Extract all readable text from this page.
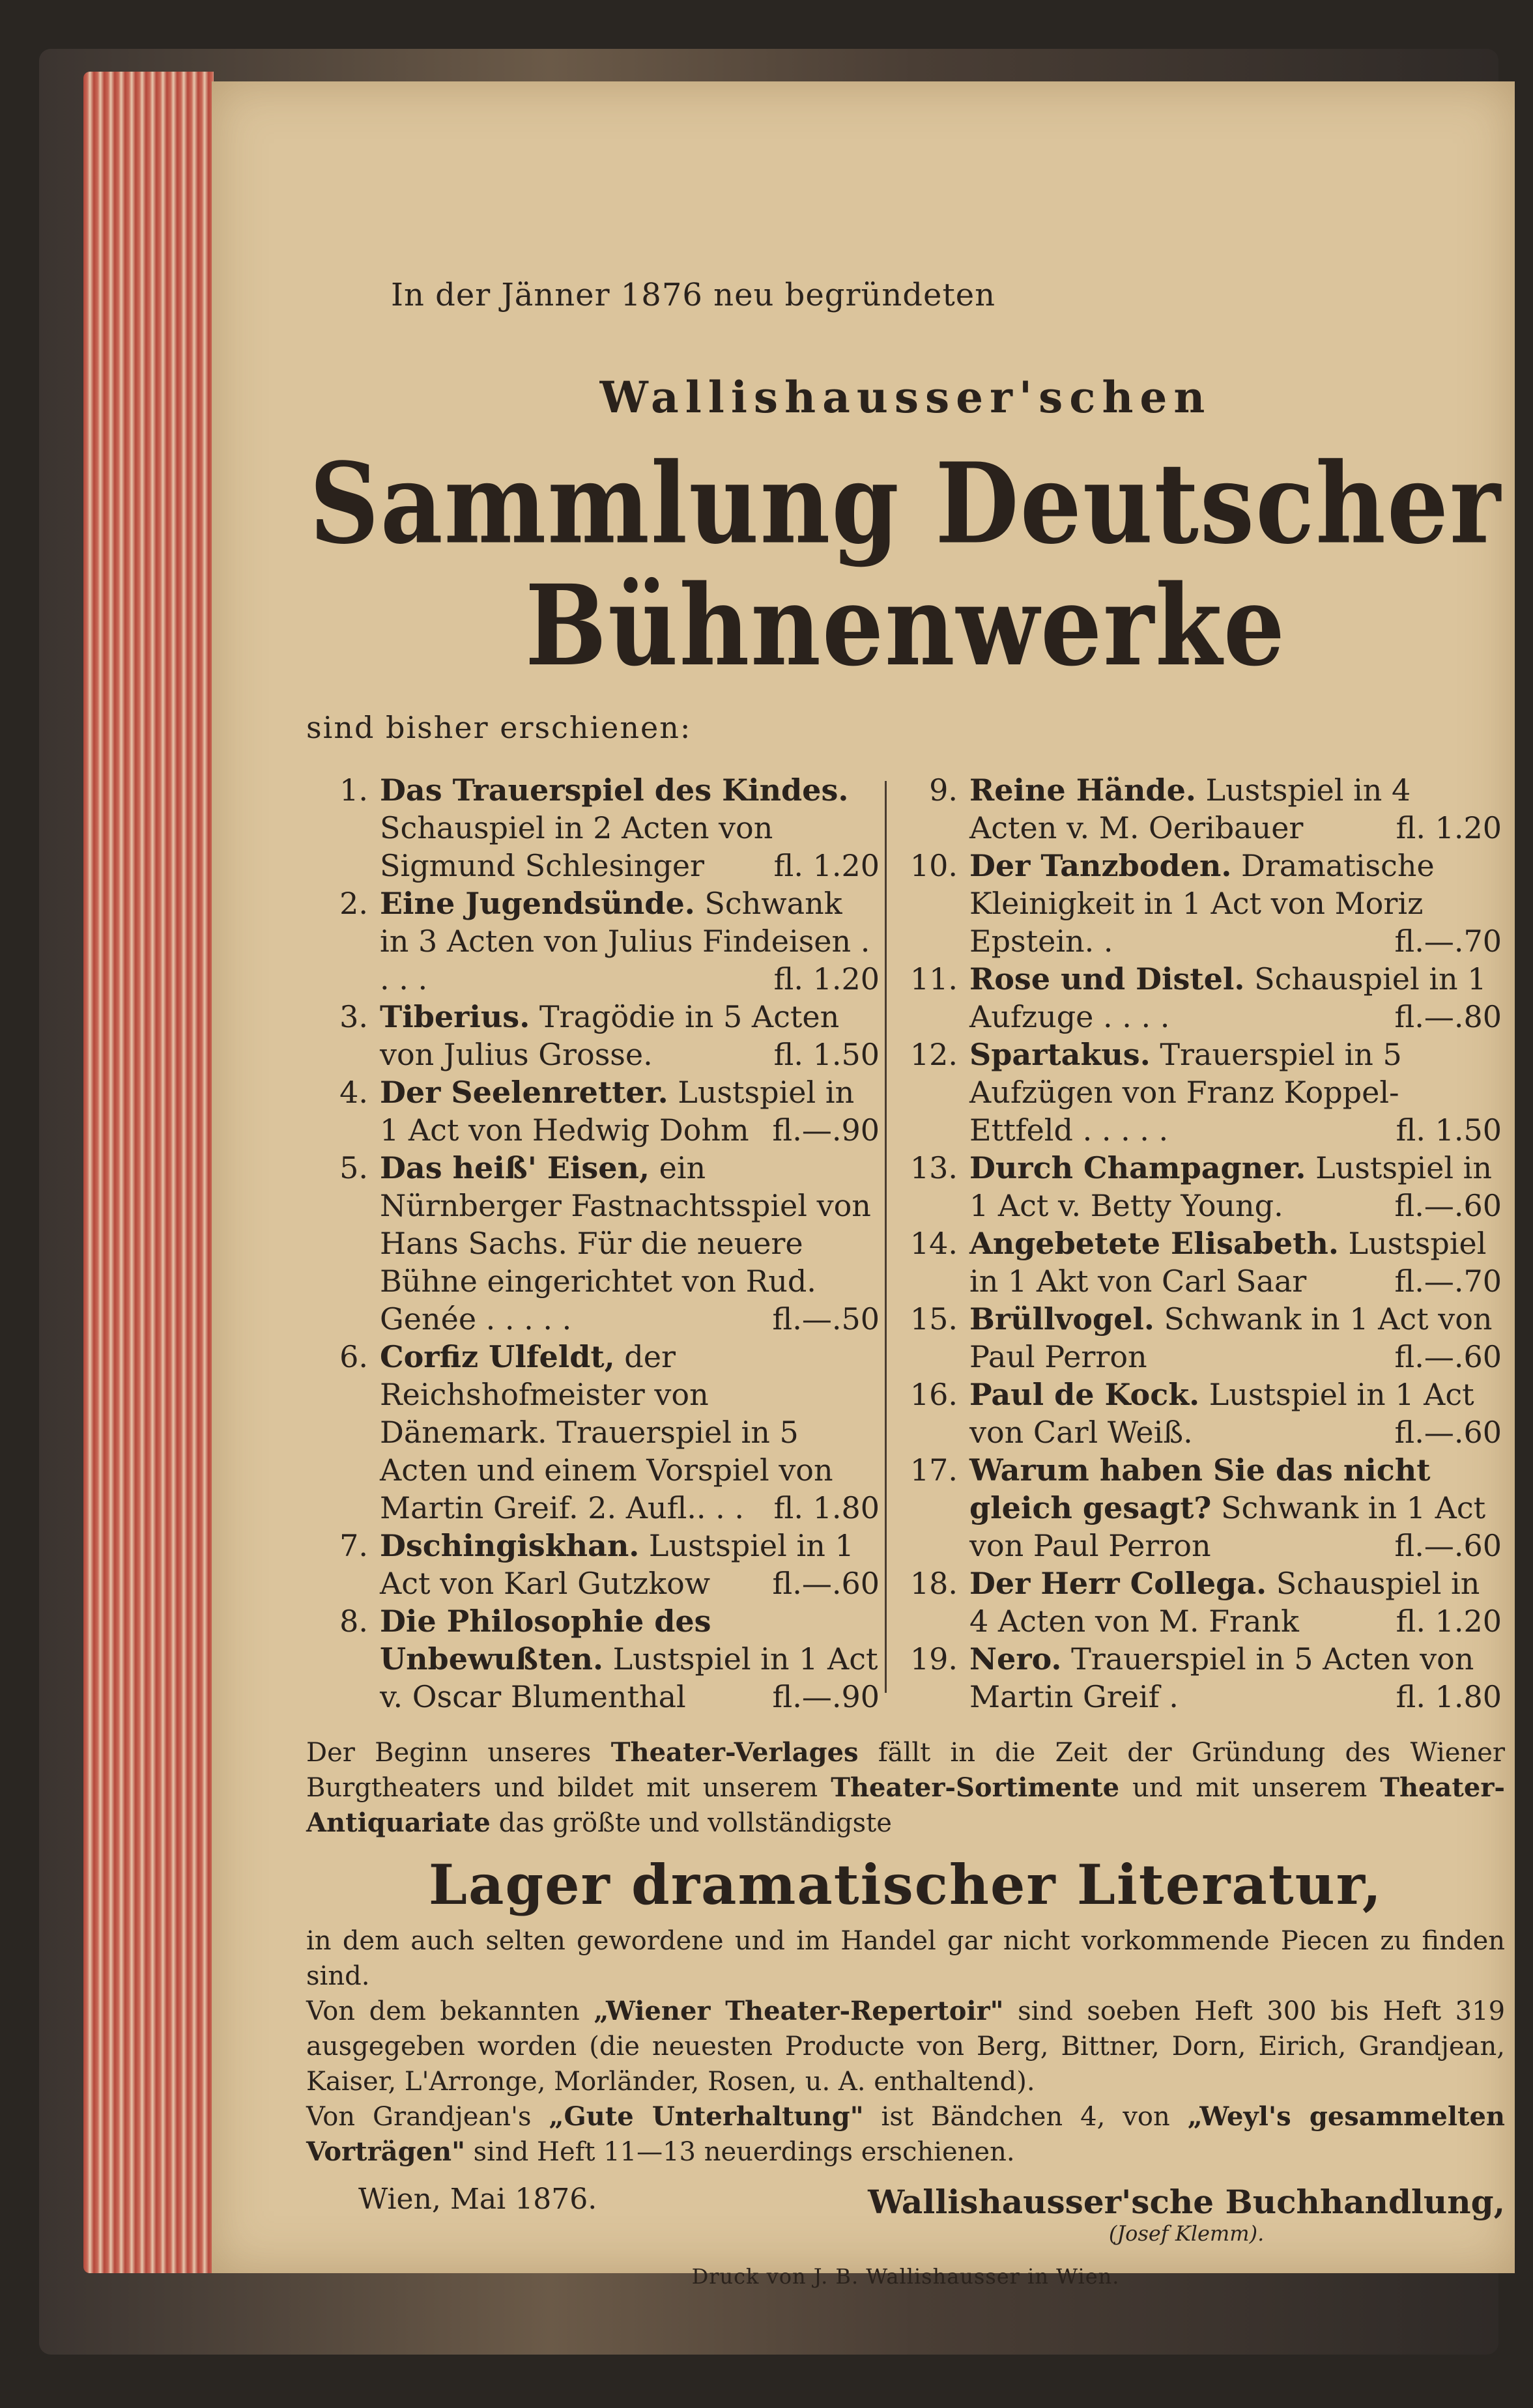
In der Jänner 1876 neu begründeten
Wallishausser'schen
Sammlung Deutscher Bühnenwerke
sind bisher erschienen:
1. Das Trauerspiel des Kindes. Schauspiel in 2 Acten von Sigmund Schlesinger fl. 1.20

2. Eine Jugendsünde. Schwank in 3 Acten von Julius Findeisen . . . .	fl. 1.20

3. Tiberius. Tragödie in 5 Acten von Julius Grosse.	fl. 1.50

4. Der Seelenretter. Lustspiel in 1 Act von Hedwig Dohm fl.—.90

5. Das heiß' Eisen, ein Nürnberger Fastnachtsspiel von Hans Sachs. Für die neuere Bühne eingerichtet von Rud. Genée . . . . .	fl.—.50

6. Corfiz Ulfeldt, der Reichshofmeister von Dänemark. Trauerspiel in 5 Acten und einem Vorspiel von Martin Greif. 2. Aufl.. . . fl. 1.80

7. Dschingiskhan. Lustspiel in 1 Act von Karl Gutzkow fl.—.60

8. Die Philosophie des Unbewußten. Lustspiel in 1 Act v. Oscar Blumenthal	fl.—.90

9. Reine Hände. Lustspiel in 4 Acten v. M. Oeribauer	fl. 1.20

10. Der Tanzboden. Dramatische Kleinigkeit in 1 Act von Moriz Epstein. .	fl.—.70

11. Rose und Distel. Schauspiel in 1 Aufzuge . . . .	fl.—.80

12. Spartakus. Trauerspiel in 5 Aufzügen von Franz Koppel-Ettfeld . . . . .	fl. 1.50

13. Durch Champagner. Lustspiel in 1 Act v. Betty Young.	fl.—.60

14. Angebetete Elisabeth. Lustspiel in 1 Akt von Carl Saar	fl.—.70

15. Brüllvogel. Schwank in 1 Act von Paul Perron	fl.—.60

16. Paul de Kock. Lustspiel in 1 Act von Carl Weiß.	fl.—.60

17. Warum haben Sie das nicht gleich gesagt? Schwank in 1 Act von Paul Perron	fl.—.60

18. Der Herr Collega. Schauspiel in 4 Acten von M. Frank	fl. 1.20

19. Nero. Trauerspiel in 5 Acten von Martin Greif .	fl. 1.80

Der Beginn unseres Theater-Verlages fällt in die Zeit der Gründung des Wiener Burgtheaters und bildet mit unserem Theater-Sortimente und mit unserem Theater-Antiquariate das größte und vollständigste
Lager dramatischer Literatur,
in dem auch selten gewordene und im Handel gar nicht vorkommende Piecen zu finden sind.
Von dem bekannten „Wiener Theater-Repertoir" sind soeben Heft 300 bis Heft 319 ausgegeben worden (die neuesten Producte von Berg, Bittner, Dorn, Eirich, Grandjean, Kaiser, L'Arronge, Morländer, Rosen, u. A. enthaltend).
Von Grandjean's „Gute Unterhaltung" ist Bändchen 4, von „Weyl's gesammelten Vorträgen" sind Heft 11—13 neuerdings erschienen.
Wien, Mai 1876.	Wallishausser'sche Buchhandlung,
(Josef Klemm).
Druck von J. B. Wallishausser in Wien.
